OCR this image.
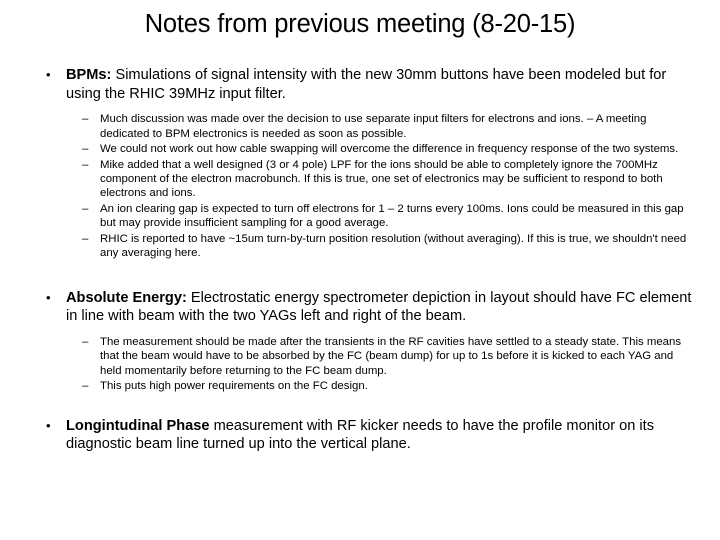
Notes from previous meeting (8-20-15)
• BPMs: Simulations of signal intensity with the new 30mm buttons have been modeled but for using the RHIC 39MHz input filter.
– Much discussion was made over the decision to use separate input filters for electrons and ions. – A meeting dedicated to BPM electronics is needed as soon as possible.
– We could not work out how cable swapping will overcome the difference in frequency response of the two systems.
– Mike added that a well designed (3 or 4 pole) LPF for the ions should be able to completely ignore the 700MHz component of the electron macrobunch. If this is true, one set of electronics may be sufficient to respond to both electrons and ions.
– An ion clearing gap is expected to turn off electrons for 1 – 2 turns every 100ms. Ions could be measured in this gap but may provide insufficient sampling for a good average.
– RHIC is reported to have ~15um turn-by-turn position resolution (without averaging). If this is true, we shouldn't need any averaging here.
• Absolute Energy: Electrostatic energy spectrometer depiction in layout should have FC element in line with beam with the two YAGs left and right of the beam.
– The measurement should be made after the transients in the RF cavities have settled to a steady state. This means that the beam would have to be absorbed by the FC (beam dump) for up to 1s before it is kicked to each YAG and held momentarily before returning to the FC beam dump.
– This puts high power requirements on the FC design.
• Longintudinal Phase measurement with RF kicker needs to have the profile monitor on its diagnostic beam line turned up into the vertical plane.
